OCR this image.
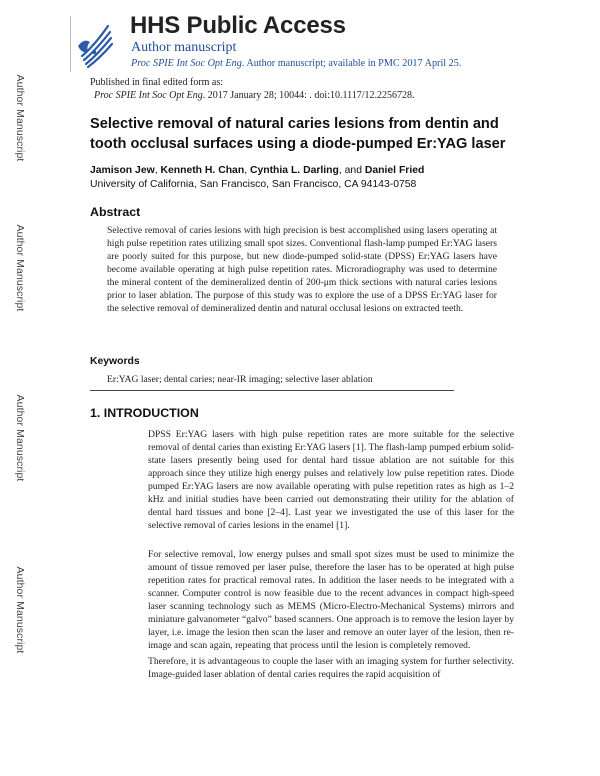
Author Manuscript
Author Manuscript
Author Manuscript
Author Manuscript
HHS Public Access
Author manuscript
Proc SPIE Int Soc Opt Eng. Author manuscript; available in PMC 2017 April 25.
Published in final edited form as:
Proc SPIE Int Soc Opt Eng. 2017 January 28; 10044: . doi:10.1117/12.2256728.
Selective removal of natural caries lesions from dentin and tooth occlusal surfaces using a diode-pumped Er:YAG laser
Jamison Jew, Kenneth H. Chan, Cynthia L. Darling, and Daniel Fried
University of California, San Francisco, San Francisco, CA 94143-0758
Abstract

Selective removal of caries lesions with high precision is best accomplished using lasers operating at high pulse repetition rates utilizing small spot sizes. Conventional flash-lamp pumped Er:YAG lasers are poorly suited for this purpose, but new diode-pumped solid-state (DPSS) Er:YAG lasers have become available operating at high pulse repetition rates. Microradiography was used to determine the mineral content of the demineralized dentin of 200-μm thick sections with natural caries lesions prior to laser ablation. The purpose of this study was to explore the use of a DPSS Er:YAG laser for the selective removal of demineralized dentin and natural occlusal lesions on extracted teeth.

Keywords
Er:YAG laser; dental caries; near-IR imaging; selective laser ablation
1. INTRODUCTION

DPSS Er:YAG lasers with high pulse repetition rates are more suitable for the selective removal of dental caries than existing Er:YAG lasers [1]. The flash-lamp pumped erbium solid-state lasers presently being used for dental hard tissue ablation are not suitable for this approach since they utilize high energy pulses and relatively low pulse repetition rates. Diode pumped Er:YAG lasers are now available operating with pulse repetition rates as high as 1–2 kHz and initial studies have been carried out demonstrating their utility for the ablation of dental hard tissues and bone [2–4]. Last year we investigated the use of this laser for the selective removal of caries lesions in the enamel [1].

For selective removal, low energy pulses and small spot sizes must be used to minimize the amount of tissue removed per laser pulse, therefore the laser has to be operated at high pulse repetition rates for practical removal rates. In addition the laser needs to be integrated with a scanner. Computer control is now feasible due to the recent advances in compact high-speed laser scanning technology such as MEMS (Micro-Electro-Mechanical Systems) mirrors and miniature galvanometer “galvo” based scanners. One approach is to remove the lesion layer by layer, i.e. image the lesion then scan the laser and remove an outer layer of the lesion, then re-image and scan again, repeating that process until the lesion is completely removed.

Therefore, it is advantageous to couple the laser with an imaging system for further selectivity. Image-guided laser ablation of dental caries requires the rapid acquisition of
